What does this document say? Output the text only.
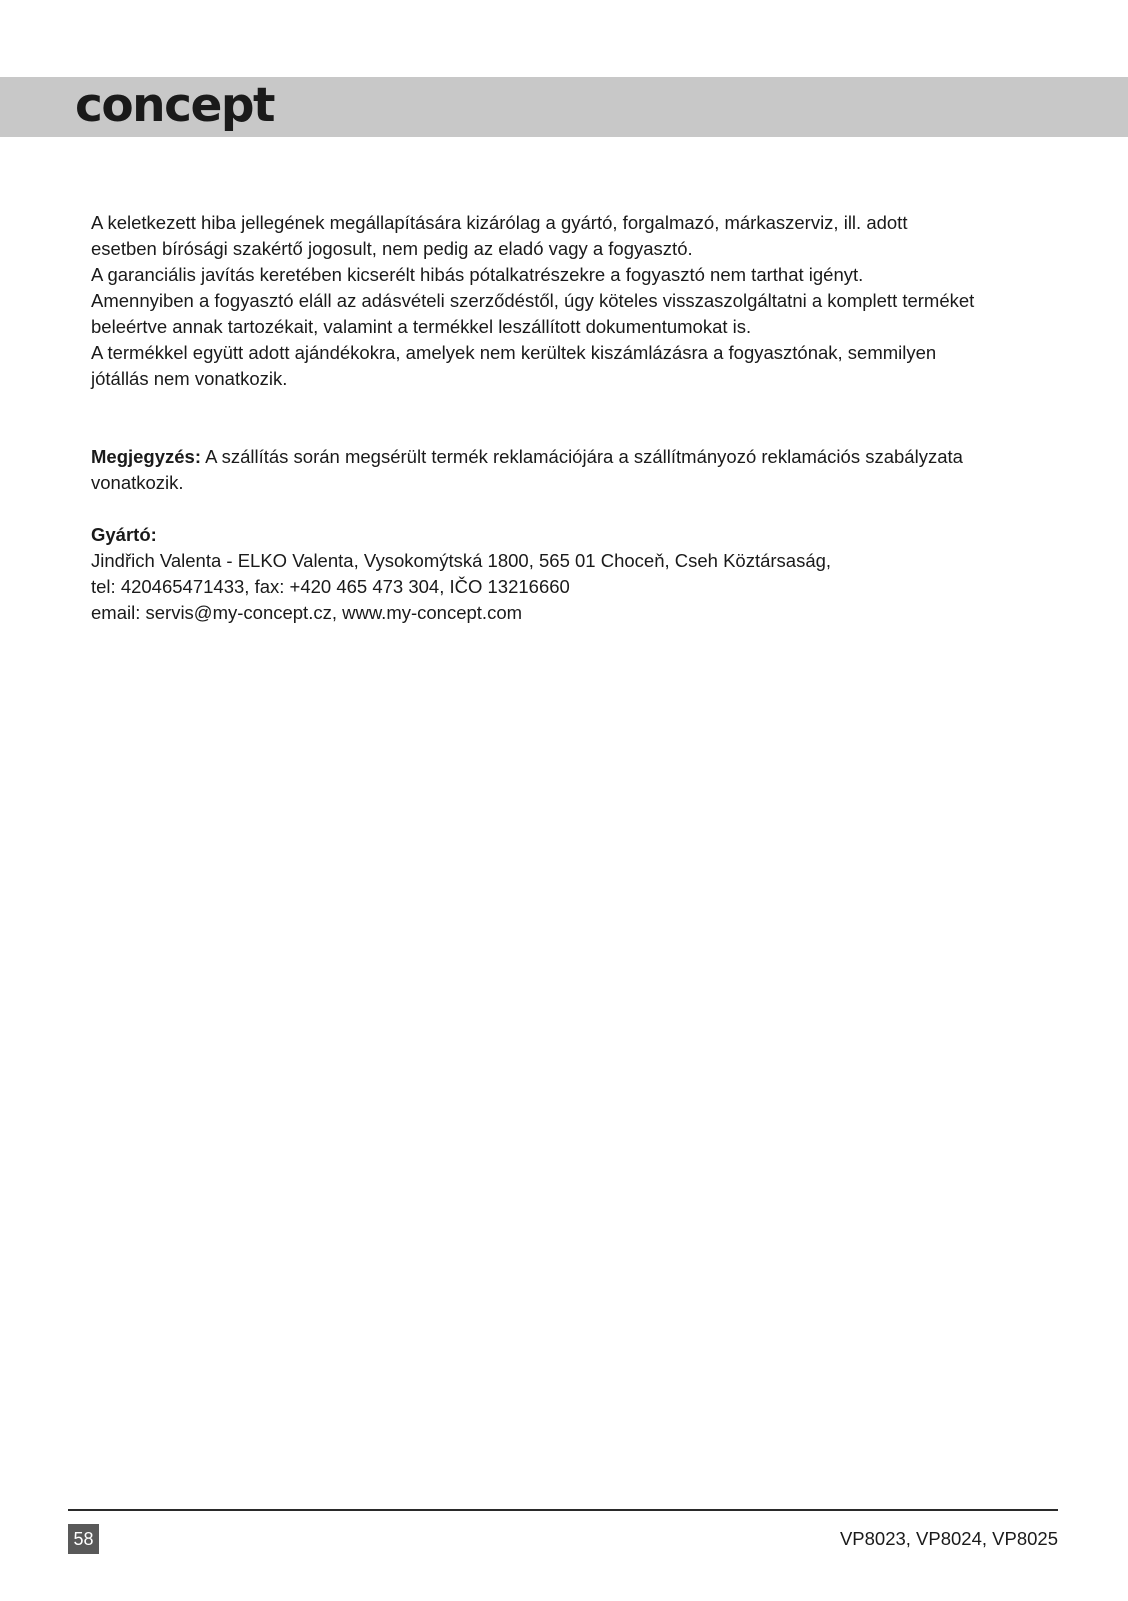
concept

A keletkezett hiba jellegének megállapítására kizárólag a gyártó, forgalmazó, márkaszerviz, ill. adott
esetben bírósági szakértő jogosult, nem pedig az eladó vagy a fogyasztó.
A garanciális javítás keretében kicserélt hibás pótalkatrészekre a fogyasztó nem tarthat igényt.
Amennyiben a fogyasztó eláll az adásvételi szerződéstől, úgy köteles visszaszolgáltatni a komplett terméket
beleértve annak tartozékait, valamint a termékkel leszállított dokumentumokat is.
A termékkel együtt adott ajándékokra, amelyek nem kerültek kiszámlázásra a fogyasztónak, semmilyen
jótállás nem vonatkozik.

Megjegyzés: A szállítás során megsérült termék reklamációjára a szállítmányozó reklamációs szabályzata
vonatkozik.

Gyártó:
Jindřich Valenta - ELKO Valenta, Vysokomýtská 1800, 565 01 Choceň, Cseh Köztársaság,
tel: 420465471433, fax: +420 465 473 304, IČO 13216660
email: servis@my-concept.cz, www.my-concept.com
58	VP8023, VP8024, VP8025
